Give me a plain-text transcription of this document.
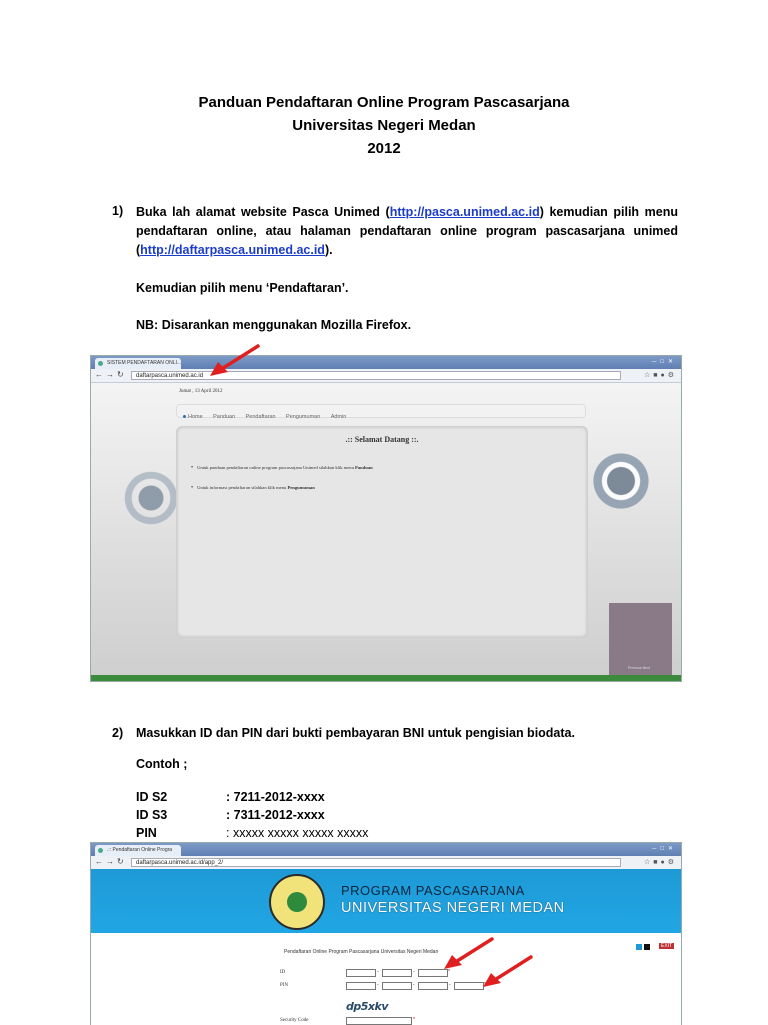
Panduan Pendaftaran Online Program Pascasarjana
Universitas Negeri Medan
2012
1) Buka lah alamat website Pasca Unimed (http://pasca.unimed.ac.id) kemudian pilih menu pendaftaran online, atau halaman pendaftaran online program pascasarjana unimed (http://daftarpasca.unimed.ac.id).
Kemudian pilih menu ‘Pendaftaran’.
NB: Disarankan menggunakan Mozilla Firefox.
SISTEM PENDAFTARAN ONLI...	─□✕
←→↻	daftarpasca.unimed.ac.id	☆■●⚙
Jumat , 13 April 2012
Home Panduan Pendaftaran Pengumuman Admin
.:: Selamat Datang ::.
• Untuk panduan pendaftaran online program pascasarjana Unimed silahkan klik menu Panduan
• Untuk informasi pendaftaran silahkan klik menu Pengumuman
Previous Next
2) Masukkan ID dan PIN dari bukti pembayaran BNI untuk pengisian biodata.
Contoh ;
ID S2	: 7211-2012-xxxx
ID S3	: 7311-2012-xxxx
PIN	: xxxxx xxxxx xxxxx xxxxx
.:: Pendaftaran Online Progra	─□✕
←→↻	daftarpasca.unimed.ac.id/app_2/	☆■●⚙
PROGRAM PASCASARJANA
UNIVERSITAS NEGERI MEDAN
EXIT
Pendaftaran Online Program Pascasarjana Universitas Negeri Medan
ID	-	-	*
PIN	-	-	-
dp5xkv
Security Code	*
